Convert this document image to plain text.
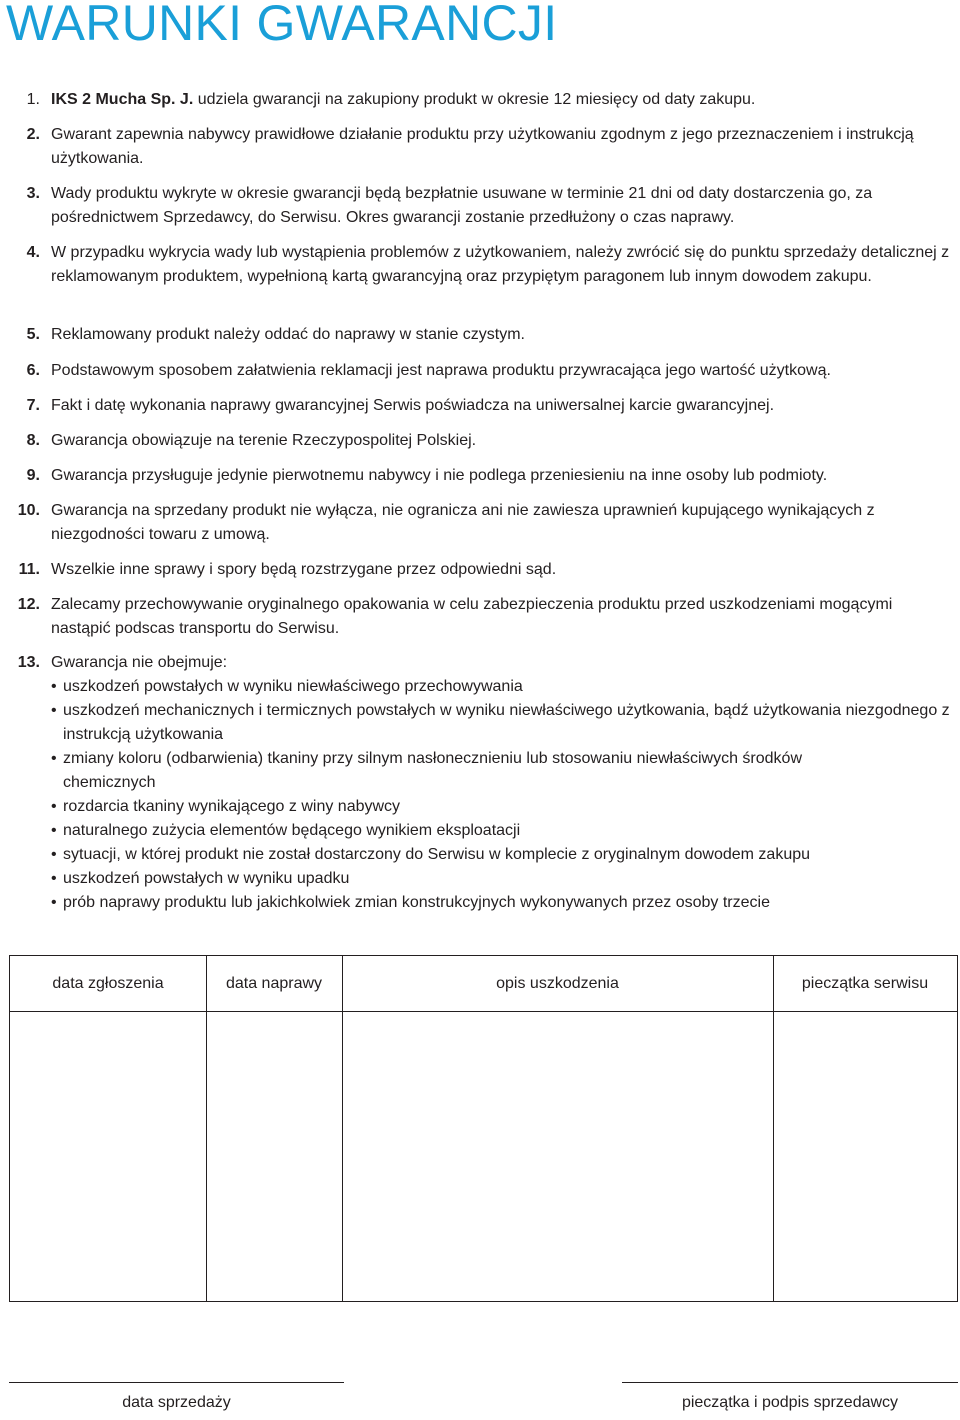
WARUNKI GWARANCJI
1. IKS 2 Mucha Sp. J. udziela gwarancji na zakupiony produkt w okresie 12 miesięcy od daty zakupu.
2. Gwarant zapewnia nabywcy prawidłowe działanie produktu przy użytkowaniu zgodnym z jego przeznaczeniem i instrukcją użytkowania.
3. Wady produktu wykryte w okresie gwarancji będą bezpłatnie usuwane w terminie 21 dni od daty dostarczenia go, za pośrednictwem Sprzedawcy, do Serwisu. Okres gwarancji zostanie przedłużony o czas naprawy.
4. W przypadku wykrycia wady lub wystąpienia problemów z użytkowaniem, należy zwrócić się do punktu sprzedaży detalicznej z reklamowanym produktem, wypełnioną kartą gwarancyjną oraz przypiętym paragonem lub innym dowodem zakupu.
5. Reklamowany produkt należy oddać do naprawy w stanie czystym.
6. Podstawowym sposobem załatwienia reklamacji jest naprawa produktu przywracająca jego wartość użytkową.
7. Fakt i datę wykonania naprawy gwarancyjnej Serwis poświadcza na uniwersalnej karcie gwarancyjnej.
8. Gwarancja obowiązuje na terenie Rzeczypospolitej Polskiej.
9. Gwarancja przysługuje jedynie pierwotnemu nabywcy i nie podlega przeniesieniu na inne osoby lub podmioty.
10. Gwarancja na sprzedany produkt nie wyłącza, nie ogranicza ani nie zawiesza uprawnień kupującego wynikających z niezgodności towaru z umową.
11. Wszelkie inne sprawy i spory będą rozstrzygane przez odpowiedni sąd.
12. Zalecamy przechowywanie oryginalnego opakowania w celu zabezpieczenia produktu przed uszkodzeniami mogącymi nastąpić podscas transportu do Serwisu.
13. Gwarancja nie obejmuje:
• uszkodzeń powstałych w wyniku niewłaściwego przechowywania
• uszkodzeń mechanicznych i termicznych powstałych w wyniku niewłaściwego użytkowania, bądź użytkowania niezgodnego z instrukcją użytkowania
• zmiany koloru (odbarwienia) tkaniny przy silnym nasłonecznieniu lub stosowaniu niewłaściwych środków chemicznych
• rozdarcia tkaniny wynikającego z winy nabywcy
• naturalnego zużycia elementów będącego wynikiem eksploatacji
• sytuacji, w której produkt nie został dostarczony do Serwisu w komplecie z oryginalnym dowodem zakupu
• uszkodzeń powstałych w wyniku upadku
• prób naprawy produktu lub jakichkolwiek zmian konstrukcyjnych wykonywanych przez osoby trzecie
data zgłoszenia	data naprawy	opis uszkodzenia	pieczątka serwisu
data sprzedaży	pieczątka i podpis sprzedawcy
